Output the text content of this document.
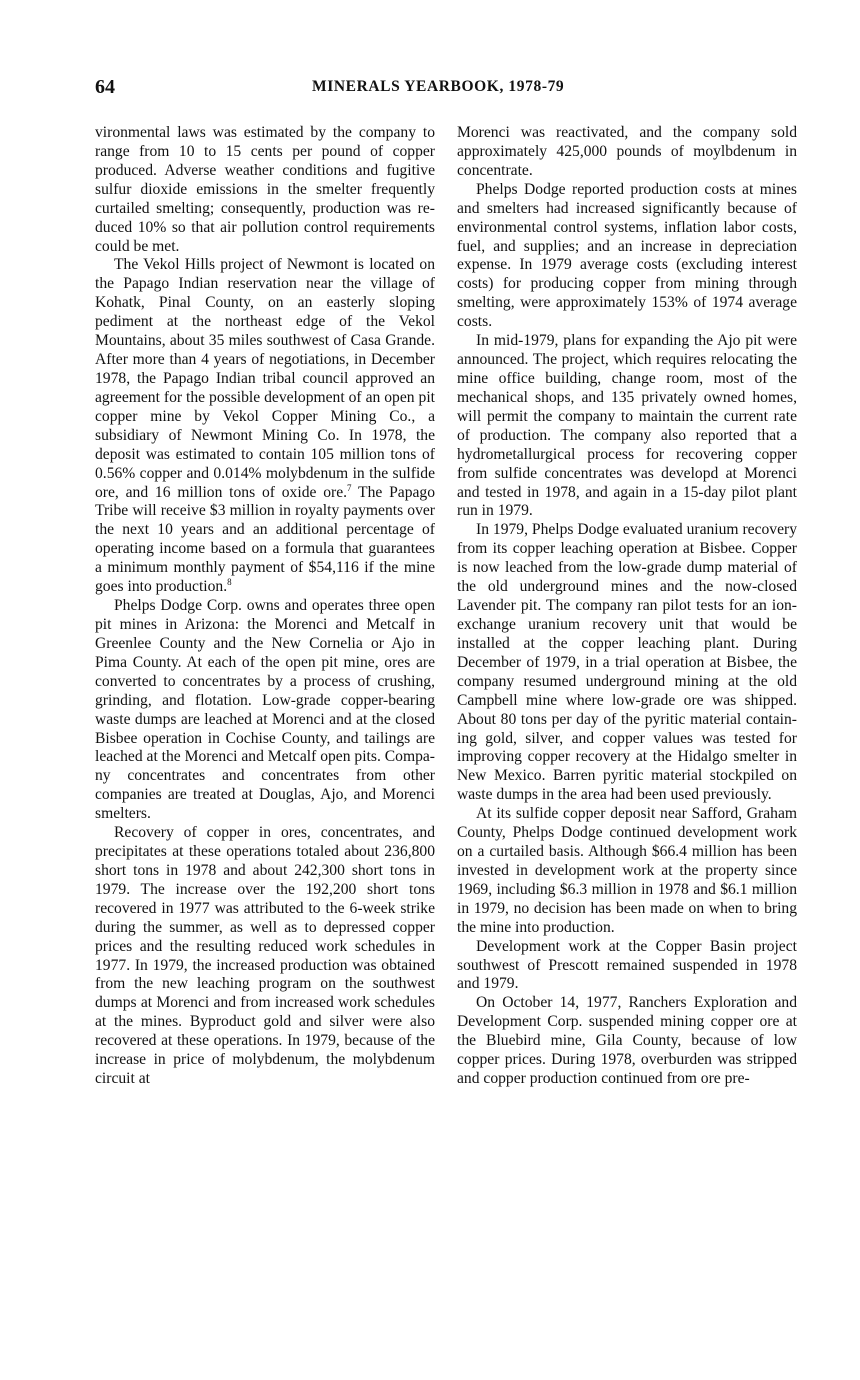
64	MINERALS YEARBOOK, 1978-79

vironmental laws was estimated by the company to range from 10 to 15 cents per pound of copper produced. Adverse weather conditions and fugitive sulfur dioxide emissions in the smelter frequently curtailed smelting; consequently, production was reduced 10% so that air pollution control requirements could be met.

The Vekol Hills project of Newmont is located on the Papago Indian reservation near the village of Kohatk, Pinal County, on an easterly sloping pediment at the northeast edge of the Vekol Mountains, about 35 miles southwest of Casa Grande. After more than 4 years of negotiations, in December 1978, the Papago Indian tribal council approved an agreement for the possible development of an open pit copper mine by Vekol Copper Mining Co., a subsidiary of Newmont Mining Co. In 1978, the deposit was estimated to contain 105 million tons of 0.56% copper and 0.014% molybdenum in the sulfide ore, and 16 million tons of oxide ore.$^7$ The Papago Tribe will receive $3 million in royalty payments over the next 10 years and an additional percentage of operating income based on a formula that guarantees a minimum monthly payment of $54,116 if the mine goes into production.$^8$

Phelps Dodge Corp. owns and operates three open pit mines in Arizona: the Morenci and Metcalf in Greenlee County and the New Cornelia or Ajo in Pima County. At each of the open pit mine, ores are converted to concentrates by a process of crushing, grinding, and flotation. Low-grade copper-bearing waste dumps are leached at Morenci and at the closed Bisbee operation in Cochise County, and tailings are leached at the Morenci and Metcalf open pits. Company concentrates and concentrates from other companies are treated at Douglas, Ajo, and Morenci smelters.

Recovery of copper in ores, concentrates, and precipitates at these operations totaled about 236,800 short tons in 1978 and about 242,300 short tons in 1979. The increase over the 192,200 short tons recovered in 1977 was attributed to the 6-week strike during the summer, as well as to depressed copper prices and the resulting reduced work schedules in 1977. In 1979, the increased production was obtained from the new leaching program on the southwest dumps at Morenci and from increased work schedules at the mines. Byproduct gold and silver were also recovered at these operations. In 1979, because of the increase in price of molybdenum, the molybdenum circuit at

Morenci was reactivated, and the company sold approximately 425,000 pounds of moylbdenum in concentrate.

Phelps Dodge reported production costs at mines and smelters had increased significantly because of environmental control systems, inflation labor costs, fuel, and supplies; and an increase in depreciation expense. In 1979 average costs (excluding interest costs) for producing copper from mining through smelting, were approximately 153% of 1974 average costs.

In mid-1979, plans for expanding the Ajo pit were announced. The project, which requires relocating the mine office building, change room, most of the mechanical shops, and 135 privately owned homes, will permit the company to maintain the current rate of production. The company also reported that a hydrometallurgical process for recovering copper from sulfide concentrates was developd at Morenci and tested in 1978, and again in a 15-day pilot plant run in 1979.

In 1979, Phelps Dodge evaluated uranium recovery from its copper leaching operation at Bisbee. Copper is now leached from the low-grade dump material of the old underground mines and the now-closed Lavender pit. The company ran pilot tests for an ion-exchange uranium recovery unit that would be installed at the copper leaching plant. During December of 1979, in a trial operation at Bisbee, the company resumed underground mining at the old Campbell mine where low-grade ore was shipped. About 80 tons per day of the pyritic material containing gold, silver, and copper values was tested for improving copper recovery at the Hidalgo smelter in New Mexico. Barren pyritic material stockpiled on waste dumps in the area had been used previously.

At its sulfide copper deposit near Safford, Graham County, Phelps Dodge continued development work on a curtailed basis. Although $66.4 million has been invested in development work at the property since 1969, including $6.3 million in 1978 and $6.1 million in 1979, no decision has been made on when to bring the mine into production.

Development work at the Copper Basin project southwest of Prescott remained suspended in 1978 and 1979.

On October 14, 1977, Ranchers Exploration and Development Corp. suspended mining copper ore at the Bluebird mine, Gila County, because of low copper prices. During 1978, overburden was stripped and copper production continued from ore pre-
